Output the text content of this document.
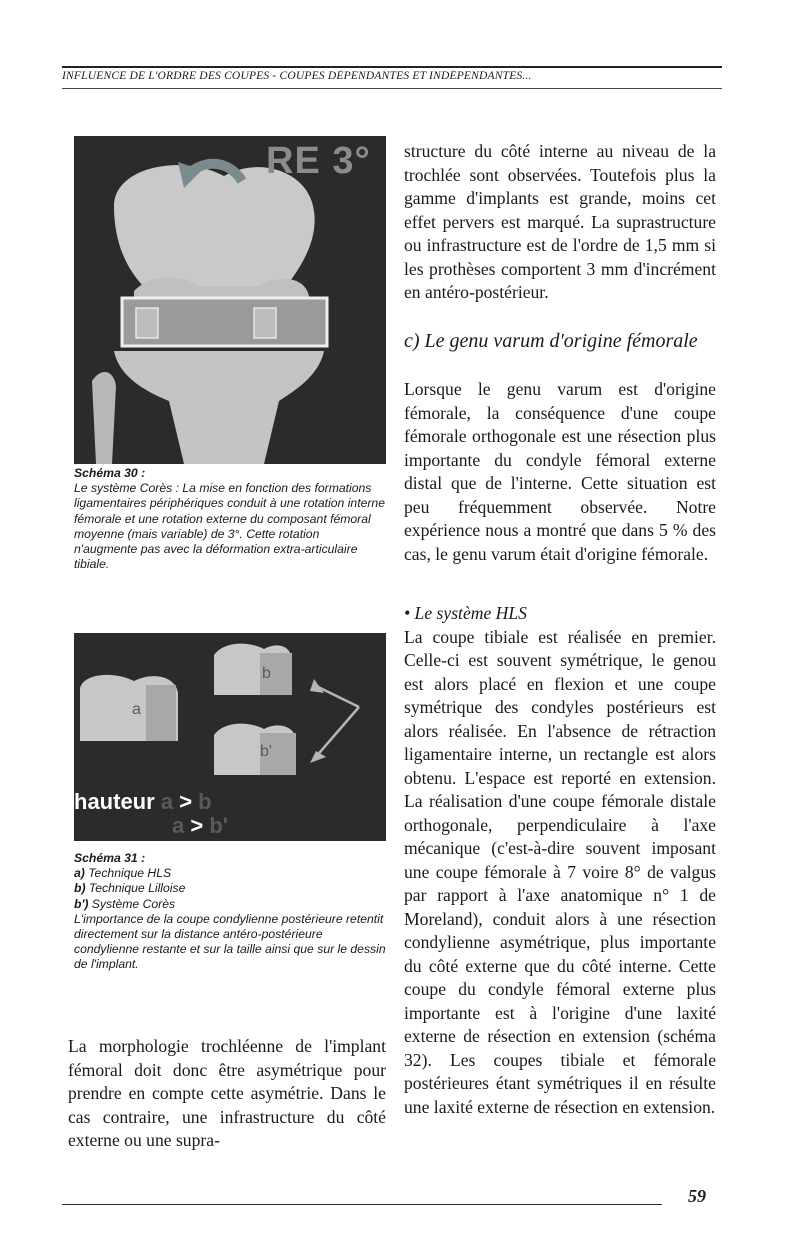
INFLUENCE DE L'ORDRE DES COUPES - COUPES DÉPENDANTES ET INDÉPENDANTES...
RE 3°
Schéma 30 :
Le système Corès : La mise en fonction des formations ligamentaires périphériques conduit à une rotation interne fémorale et une rotation externe du composant fémoral moyenne (mais variable) de 3°. Cette rotation n'augmente pas avec la déformation extra-articulaire tibiale.
a
b
b'
hauteur a > b
a > b'
Schéma 31 :
a) Technique HLS
b) Technique Lilloise
b') Système Corès
L'importance de la coupe condylienne postérieure retentit directement sur la distance antéro-postérieure condylienne restante et sur la taille ainsi que sur le dessin de l'implant.

La morphologie trochléenne de l'implant fémoral doit donc être asymétrique pour prendre en compte cette asymétrie. Dans le cas contraire, une infrastructure du côté externe ou une supra-

structure du côté interne au niveau de la trochlée sont observées. Toutefois plus la gamme d'implants est grande, moins cet effet pervers est marqué. La suprastructure ou infrastructure est de l'ordre de 1,5 mm si les prothèses comportent 3 mm d'incrément en antéro-postérieur.

c) Le genu varum d'origine fémorale

Lorsque le genu varum est d'origine fémorale, la conséquence d'une coupe fémorale orthogonale est une résection plus importante du condyle fémoral externe distal que de l'interne. Cette situation est peu fréquemment observée. Notre expérience nous a montré que dans 5 % des cas, le genu varum était d'origine fémorale.

• Le système HLS

La coupe tibiale est réalisée en premier. Celle-ci est souvent symétrique, le genou est alors placé en flexion et une coupe symétrique des condyles postérieurs est alors réalisée. En l'absence de rétraction ligamentaire interne, un rectangle est alors obtenu. L'espace est reporté en extension. La réalisation d'une coupe fémorale distale orthogonale, perpendiculaire à l'axe mécanique (c'est-à-dire souvent imposant une coupe fémorale à 7 voire 8° de valgus par rapport à l'axe anatomique n° 1 de Moreland), conduit alors à une résection condylienne asymétrique, plus importante du côté externe que du côté interne. Cette coupe du condyle fémoral externe plus importante est à l'origine d'une laxité externe de résection en extension (schéma 32). Les coupes tibiale et fémorale postérieures étant symétriques il en résulte une laxité externe de résection en extension.

59
